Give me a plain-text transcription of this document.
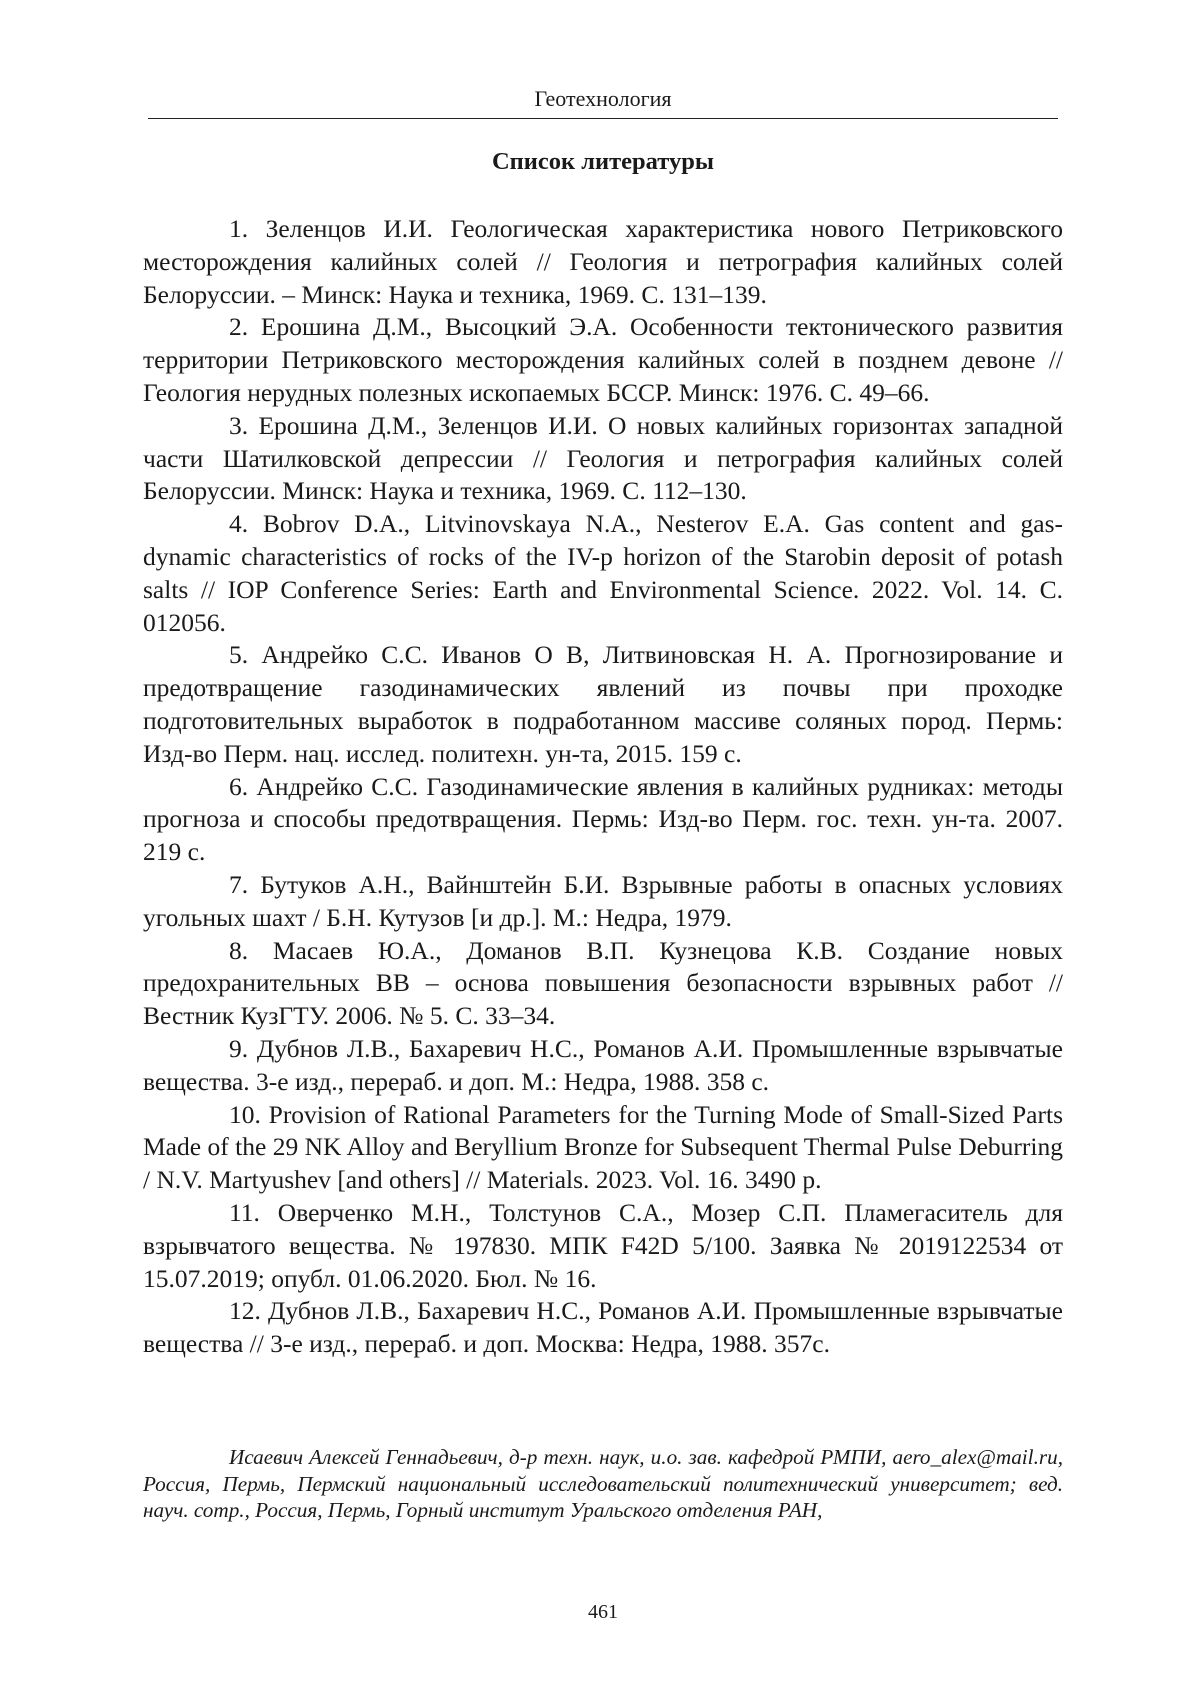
Геотехнология
Список литературы
1. Зеленцов И.И. Геологическая характеристика нового Петриковского месторождения калийных солей // Геология и петрография калийных солей Белоруссии. – Минск: Наука и техника, 1969. С. 131–139.
2. Ерошина Д.М., Высоцкий Э.А. Особенности тектонического развития территории Петриковского месторождения калийных солей в позднем девоне // Геология нерудных полезных ископаемых БССР. Минск: 1976. С. 49–66.
3. Ерошина Д.М., Зеленцов И.И. О новых калийных горизонтах западной части Шатилковской депрессии // Геология и петрография калийных солей Белоруссии. Минск: Наука и техника, 1969. С. 112–130.
4. Bobrov D.A., Litvinovskaya N.A., Nesterov E.A. Gas content and gas-dynamic characteristics of rocks of the IV-p horizon of the Starobin deposit of potash salts // IOP Conference Series: Earth and Environmental Science. 2022. Vol. 14. С. 012056.
5. Андрейко С.С. Иванов О В, Литвиновская Н. А. Прогнозирование и предотвращение газодинамических явлений из почвы при проходке подготовительных выработок в подработанном массиве соляных пород. Пермь: Изд-во Перм. нац. исслед. политехн. ун-та, 2015. 159 с.
6. Андрейко С.С. Газодинамические явления в калийных рудниках: методы прогноза и способы предотвращения. Пермь: Изд-во Перм. гос. техн. ун-та. 2007. 219 с.
7. Бутуков А.Н., Вайнштейн Б.И. Взрывные работы в опасных условиях угольных шахт / Б.Н. Кутузов [и др.]. М.: Недра, 1979.
8. Масаев Ю.А., Доманов В.П. Кузнецова К.В. Создание новых предохранительных ВВ – основа повышения безопасности взрывных работ // Вестник КузГТУ. 2006. № 5. С. 33–34.
9. Дубнов Л.В., Бахаревич Н.С., Романов А.И. Промышленные взрывчатые вещества. 3-е изд., перераб. и доп. М.: Недра, 1988. 358 с.
10. Provision of Rational Parameters for the Turning Mode of Small-Sized Parts Made of the 29 NK Alloy and Beryllium Bronze for Subsequent Thermal Pulse Deburring / N.V. Martyushev [and others] // Materials. 2023. Vol. 16. 3490 р.
11. Оверченко М.Н., Толстунов С.А., Мозер С.П. Пламегаситель для взрывчатого вещества. № 197830. МПК F42D 5/100. Заявка № 2019122534 от 15.07.2019; опубл. 01.06.2020. Бюл. № 16.
12. Дубнов Л.В., Бахаревич Н.С., Романов А.И. Промышленные взрывчатые вещества // 3-е изд., перераб. и доп. Москва: Недра, 1988. 357с.

Исаевич Алексей Геннадьевич, д-р техн. наук, и.о. зав. кафедрой РМПИ, aero_alex@mail.ru, Россия, Пермь, Пермский национальный исследовательский политехнический университет; вед. науч. сотр., Россия, Пермь, Горный институт Уральского отделения РАН,

461
